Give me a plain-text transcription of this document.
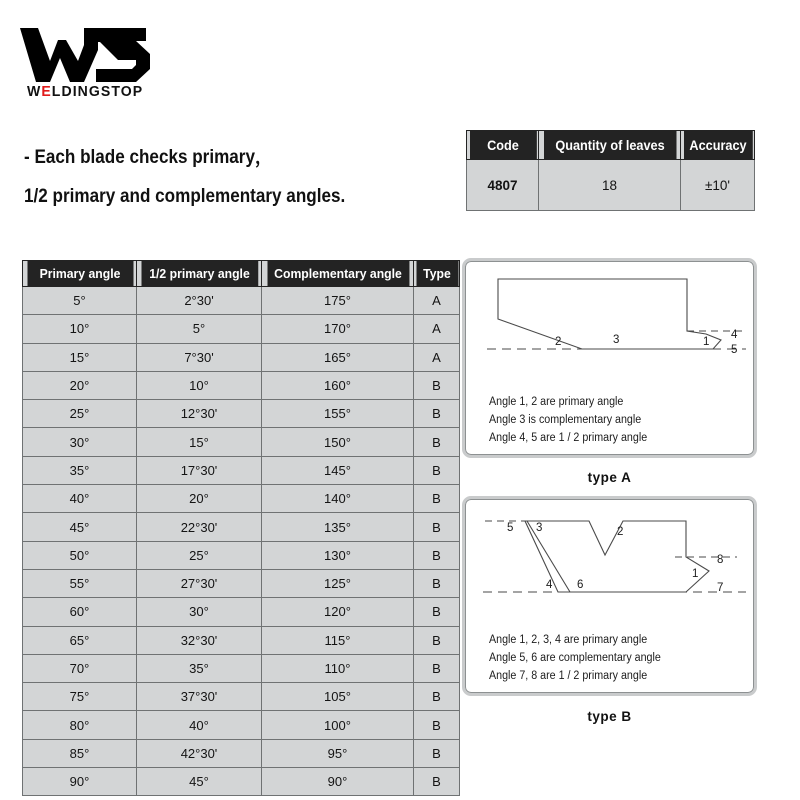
WELDINGSTOP
- Each blade checks primary，
1/2 primary and complementary angles.
Code	Quantity of leaves	Accuracy
4807	18	±10'
Primary angle	1/2 primary angle	Complementary angle	Type
5°	2°30'	175°	A
10°	5°	170°	A
15°	7°30'	165°	A
20°	10°	160°	B
25°	12°30'	155°	B
30°	15°	150°	B
35°	17°30'	145°	B
40°	20°	140°	B
45°	22°30'	135°	B
50°	25°	130°	B
55°	27°30'	125°	B
60°	30°	120°	B
65°	32°30'	115°	B
70°	35°	110°	B
75°	37°30'	105°	B
80°	40°	100°	B
85°	42°30'	95°	B
90°	45°	90°	B
2	3	1
4
5
Angle 1, 2 are primary angle
Angle 3 is complementary angle
Angle 4, 5 are 1 / 2 primary angle
type A
5 3	2
4 6
1
8
7
Angle 1, 2, 3, 4 are primary angle
Angle 5, 6 are complementary angle
Angle 7, 8 are 1 / 2 primary angle
type B
